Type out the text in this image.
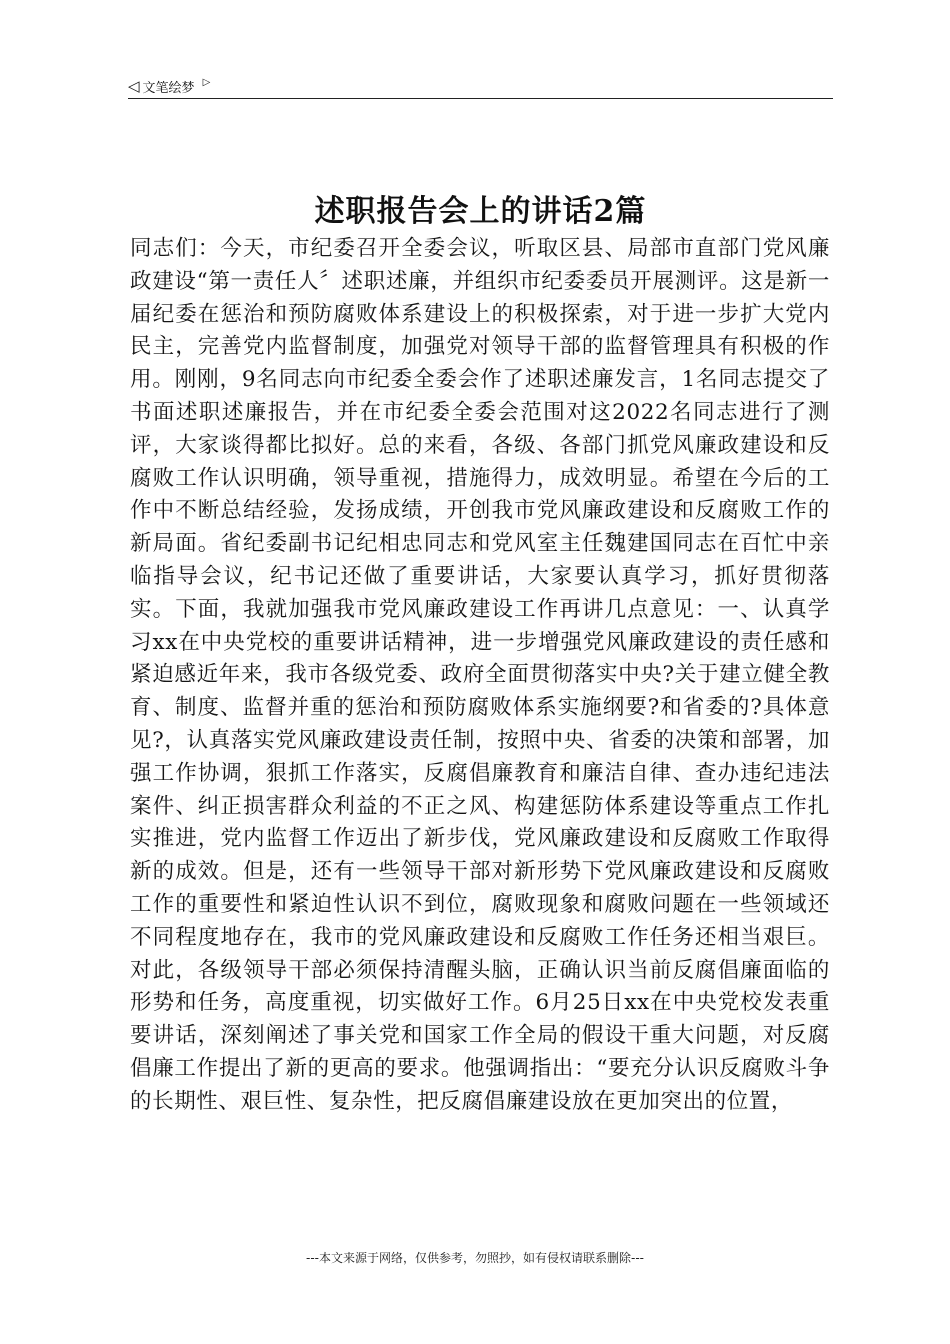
◁ 文笔绘梦 ▷
述职报告会上的讲话2篇

同志们：今天，市纪委召开全委会议，听取区县、局部市直部门党风廉政建设“第一责任人〞述职述廉，并组织市纪委委员开展测评。这是新一届纪委在惩治和预防腐败体系建设上的积极探索，对于进一步扩大党内民主，完善党内监督制度，加强党对领导干部的监督管理具有积极的作用。刚刚，9名同志向市纪委全委会作了述职述廉发言，1名同志提交了书面述职述廉报告，并在市纪委全委会范围对这2022名同志进行了测评，大家谈得都比拟好。总的来看，各级、各部门抓党风廉政建设和反腐败工作认识明确，领导重视，措施得力，成效明显。希望在今后的工作中不断总结经验，发扬成绩，开创我市党风廉政建设和反腐败工作的新局面。省纪委副书记纪相忠同志和党风室主任魏建国同志在百忙中亲临指导会议，纪书记还做了重要讲话，大家要认真学习，抓好贯彻落实。下面，我就加强我市党风廉政建设工作再讲几点意见：一、认真学习xx在中央党校的重要讲话精神，进一步增强党风廉政建设的责任感和紧迫感近年来，我市各级党委、政府全面贯彻落实中央?关于建立健全教育、制度、监督并重的惩治和预防腐败体系实施纲要?和省委的?具体意见?，认真落实党风廉政建设责任制，按照中央、省委的决策和部署，加强工作协调，狠抓工作落实，反腐倡廉教育和廉洁自律、查办违纪违法案件、纠正损害群众利益的不正之风、构建惩防体系建设等重点工作扎实推进，党内监督工作迈出了新步伐，党风廉政建设和反腐败工作取得新的成效。但是，还有一些领导干部对新形势下党风廉政建设和反腐败工作的重要性和紧迫性认识不到位，腐败现象和腐败问题在一些领域还不同程度地存在，我市的党风廉政建设和反腐败工作任务还相当艰巨。对此，各级领导干部必须保持清醒头脑，正确认识当前反腐倡廉面临的形势和任务，高度重视，切实做好工作。6月25日xx在中央党校发表重要讲话，深刻阐述了事关党和国家工作全局的假设干重大问题，对反腐倡廉工作提出了新的更高的要求。他强调指出：“要充分认识反腐败斗争的长期性、艰巨性、复杂性，把反腐倡廉建设放在更加突出的位置，

---本文来源于网络，仅供参考，勿照抄，如有侵权请联系删除---
